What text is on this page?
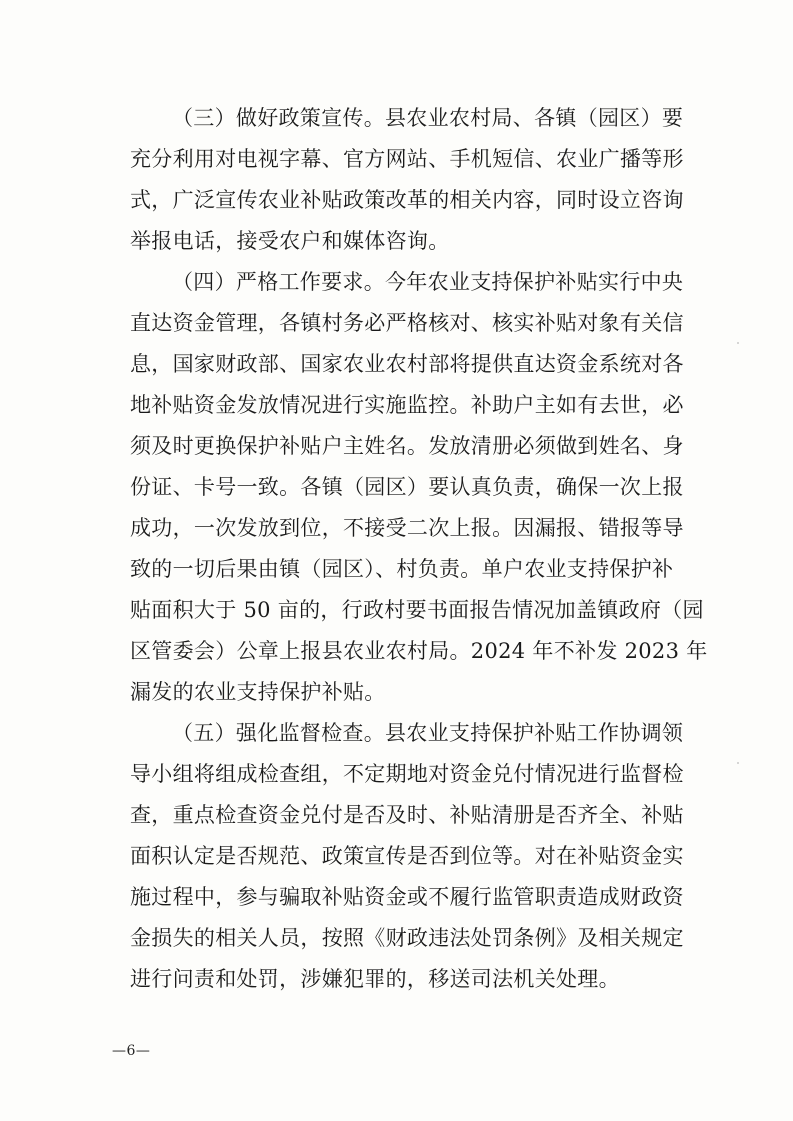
（三）做好政策宣传。县农业农村局、各镇（园区）要
充分利用对电视字幕、官方网站、手机短信、农业广播等形
式，广泛宣传农业补贴政策改革的相关内容，同时设立咨询
举报电话，接受农户和媒体咨询。
（四）严格工作要求。今年农业支持保护补贴实行中央
直达资金管理，各镇村务必严格核对、核实补贴对象有关信
息，国家财政部、国家农业农村部将提供直达资金系统对各
地补贴资金发放情况进行实施监控。补助户主如有去世，必
须及时更换保护补贴户主姓名。发放清册必须做到姓名、身
份证、卡号一致。各镇（园区）要认真负责，确保一次上报
成功，一次发放到位，不接受二次上报。因漏报、错报等导
致的一切后果由镇（园区）、村负责。单户农业支持保护补
贴面积大于 50 亩的，行政村要书面报告情况加盖镇政府（园
区管委会）公章上报县农业农村局。2024 年不补发 2023 年
漏发的农业支持保护补贴。
（五）强化监督检查。县农业支持保护补贴工作协调领
导小组将组成检查组，不定期地对资金兑付情况进行监督检
查，重点检查资金兑付是否及时、补贴清册是否齐全、补贴
面积认定是否规范、政策宣传是否到位等。对在补贴资金实
施过程中，参与骗取补贴资金或不履行监管职责造成财政资
金损失的相关人员，按照《财政违法处罚条例》及相关规定
进行问责和处罚，涉嫌犯罪的，移送司法机关处理。
—6—
